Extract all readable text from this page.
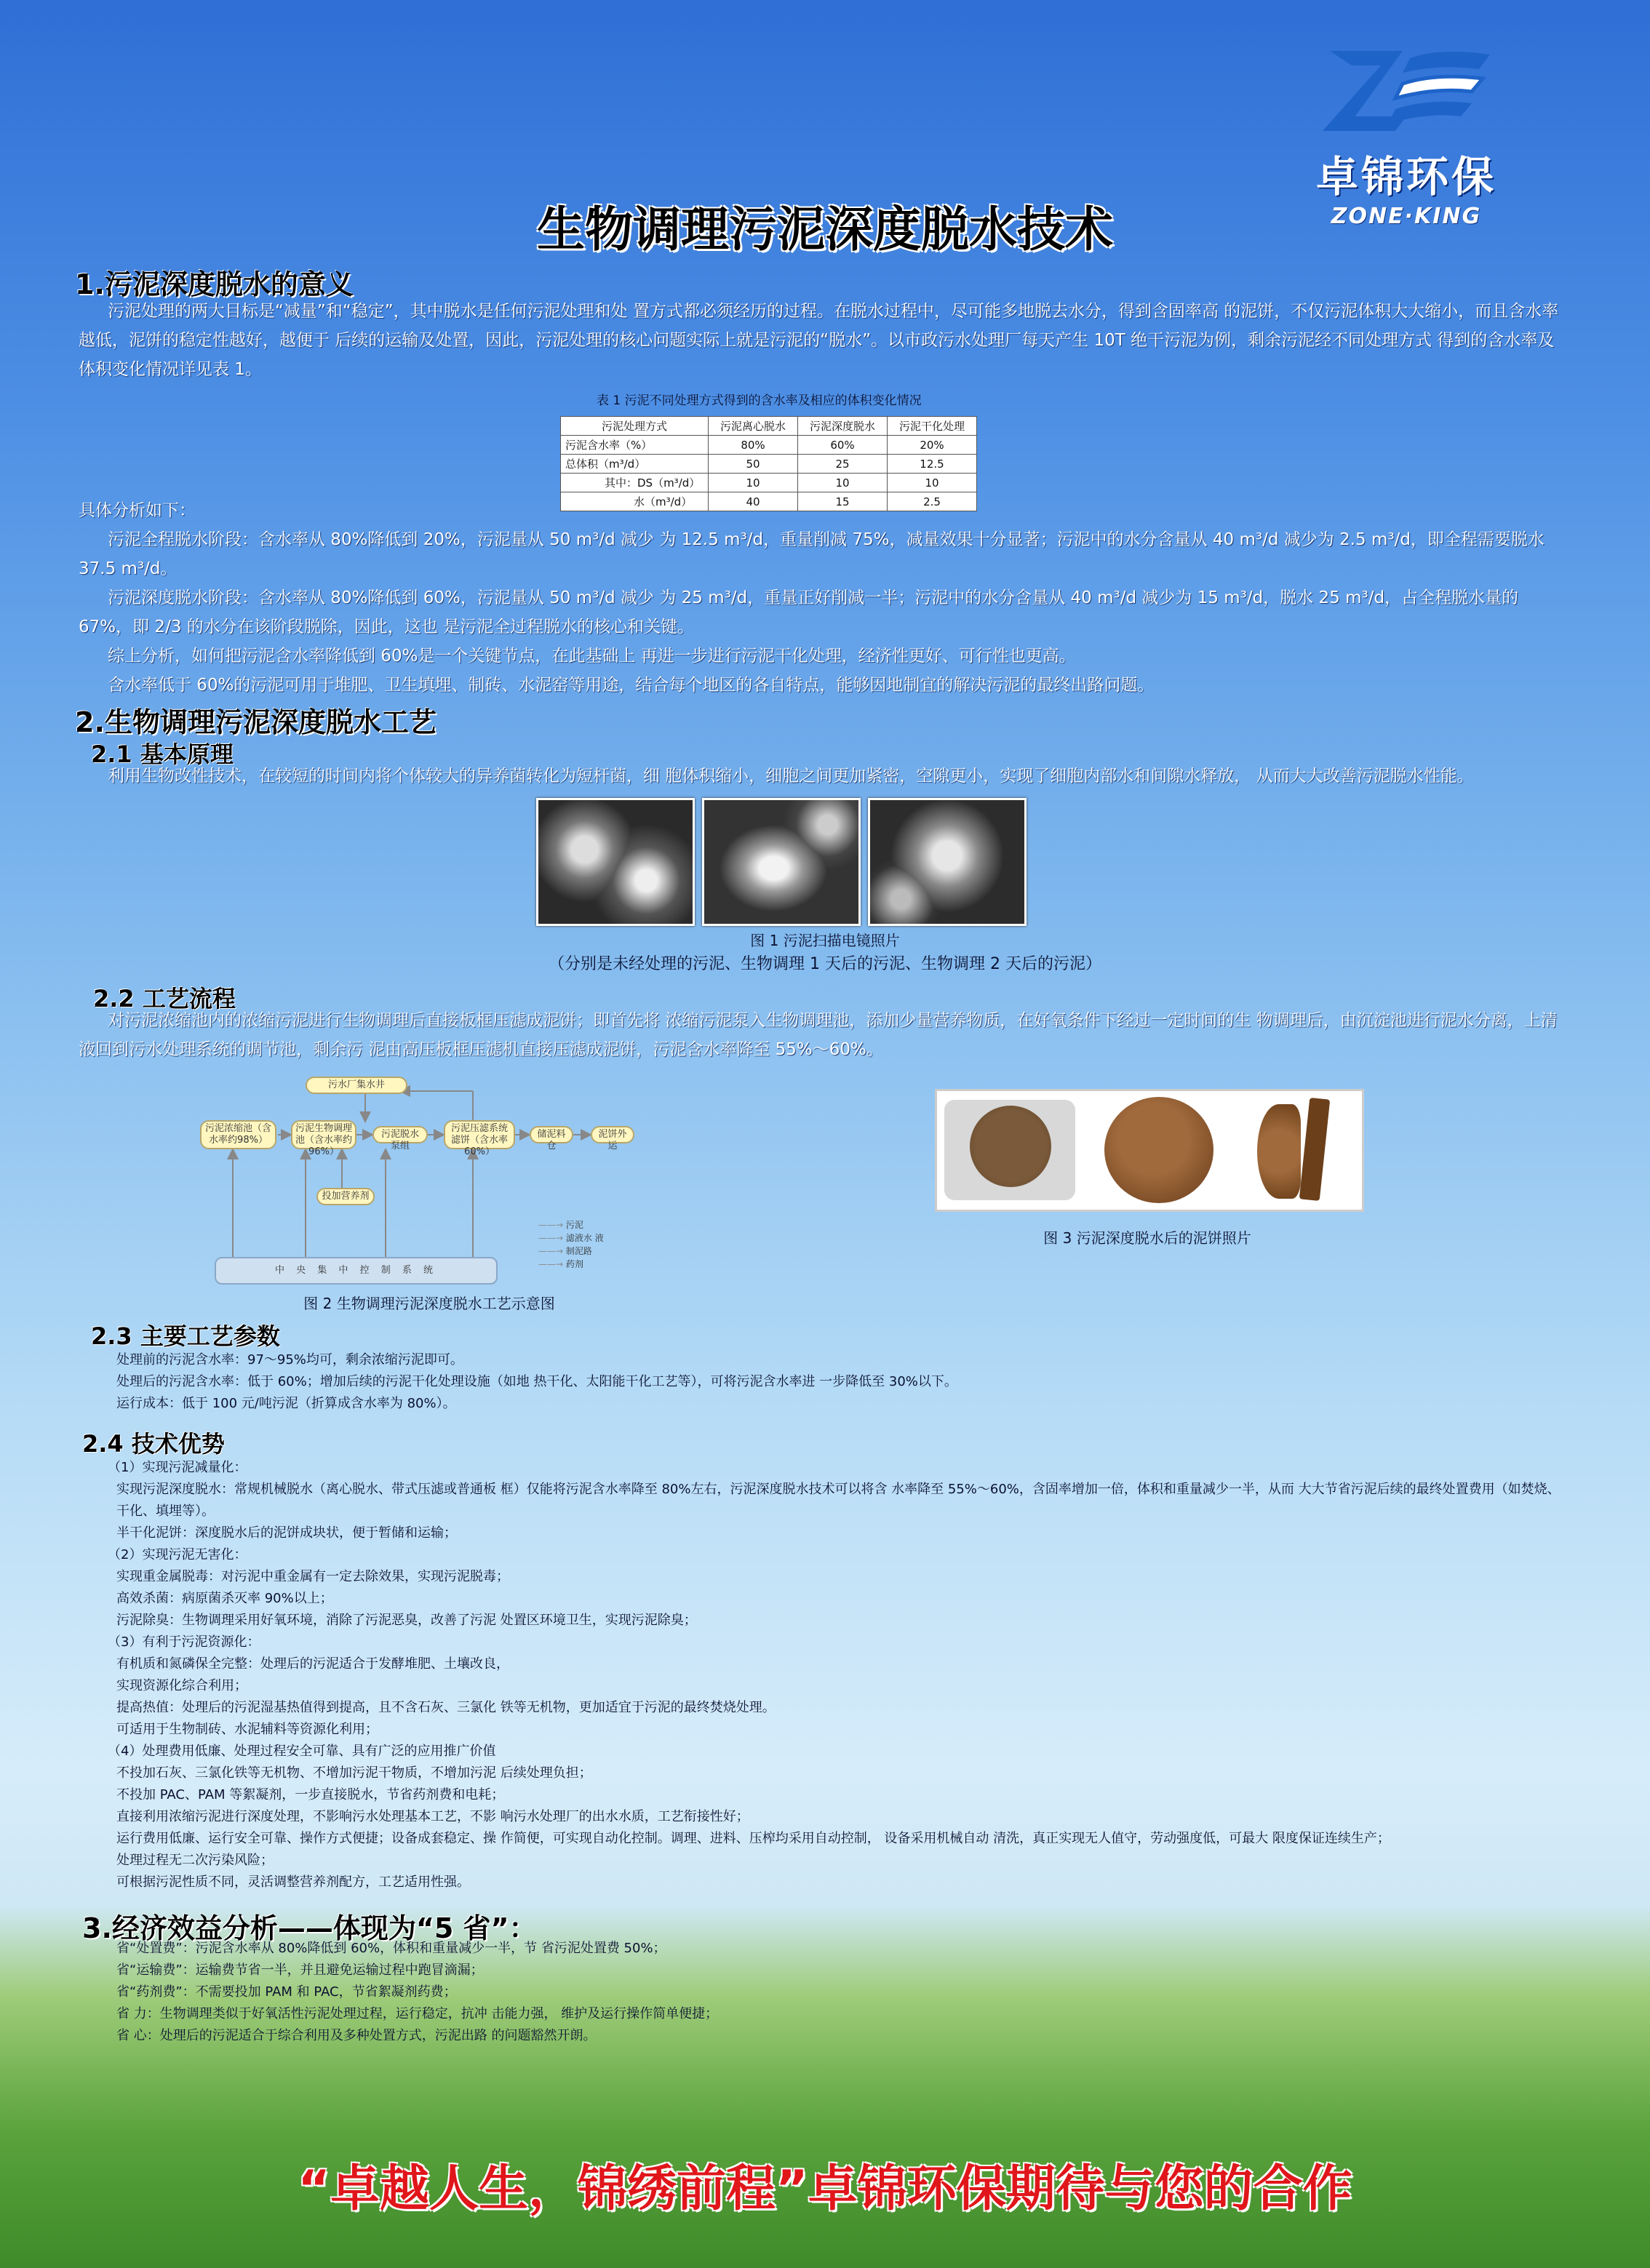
卓锦环保
ZONE·KING
生物调理污泥深度脱水技术
1.污泥深度脱水的意义
污泥处理的两大目标是“减量”和“稳定”，其中脱水是任何污泥处理和处 置方式都必须经历的过程。在脱水过程中，尽可能多地脱去水分，得到含固率高 的泥饼，不仅污泥体积大大缩小，而且含水率越低，泥饼的稳定性越好，越便于 后续的运输及处置，因此，污泥处理的核心问题实际上就是污泥的“脱水”。以市政污水处理厂每天产生 10T 绝干污泥为例，剩余污泥经不同处理方式 得到的含水率及体积变化情况详见表 1。
表 1 污泥不同处理方式得到的含水率及相应的体积变化情况
污泥处理方式	污泥离心脱水	污泥深度脱水	污泥干化处理
污泥含水率（%）	80%	60%	20%
总体积（m³/d）	50	25	12.5
其中：DS（m³/d）	10	10	10
水（m³/d）	40	15	2.5
具体分析如下：
污泥全程脱水阶段：含水率从 80%降低到 20%，污泥量从 50 m³/d 减少 为 12.5 m³/d，重量削减 75%，减量效果十分显著；污泥中的水分含量从 40 m³/d 减少为 2.5 m³/d，即全程需要脱水 37.5 m³/d。
污泥深度脱水阶段：含水率从 80%降低到 60%，污泥量从 50 m³/d 减少 为 25 m³/d，重量正好削减一半；污泥中的水分含量从 40 m³/d 减少为 15 m³/d，脱水 25 m³/d，占全程脱水量的 67%，即 2/3 的水分在该阶段脱除，因此，这也 是污泥全过程脱水的核心和关键。
综上分析，如何把污泥含水率降低到 60%是一个关键节点，在此基础上 再进一步进行污泥干化处理，经济性更好、可行性也更高。
含水率低于 60%的污泥可用于堆肥、卫生填埋、制砖、水泥窑等用途，结合每个地区的各自特点，能够因地制宜的解决污泥的最终出路问题。
2.生物调理污泥深度脱水工艺
2.1 基本原理
利用生物改性技术，在较短的时间内将个体较大的异养菌转化为短杆菌，细 胞体积缩小，细胞之间更加紧密，空隙更小，实现了细胞内部水和间隙水释放， 从而大大改善污泥脱水性能。
图 1 污泥扫描电镜照片
（分别是未经处理的污泥、生物调理 1 天后的污泥、生物调理 2 天后的污泥）
2.2 工艺流程
对污泥浓缩池内的浓缩污泥进行生物调理后直接板框压滤成泥饼；即首先将 浓缩污泥泵入生物调理池，添加少量营养物质，在好氧条件下经过一定时间的生 物调理后，由沉淀池进行泥水分离，上清液回到污水处理系统的调节池，剩余污 泥由高压板框压滤机直接压滤成泥饼，污泥含水率降至 55%～60%。
污水厂集水井
污泥浓缩池（含水率约98%）
污泥生物调理池（含水率约96%）
污泥脱水泵组
污泥压滤系统滤饼（含水率60%）
储泥料仓
泥饼外运
投加营养剂
中 央 集 中 控 制 系 统
——→ 污泥
——→ 滤液水 液
——→ 制泥路
——→ 药剂
图 2 生物调理污泥深度脱水工艺示意图
图 3 污泥深度脱水后的泥饼照片
2.3 主要工艺参数
处理前的污泥含水率：97～95%均可，剩余浓缩污泥即可。
处理后的污泥含水率：低于 60%；增加后续的污泥干化处理设施（如地 热干化、太阳能干化工艺等），可将污泥含水率进 一步降低至 30%以下。
运行成本：低于 100 元/吨污泥（折算成含水率为 80%）。
2.4 技术优势
（1）实现污泥减量化：
实现污泥深度脱水：常规机械脱水（离心脱水、带式压滤或普通板 框）仅能将污泥含水率降至 80%左右，污泥深度脱水技术可以将含 水率降至 55%～60%，含固率增加一倍，体积和重量减少一半，从而 大大节省污泥后续的最终处置费用（如焚烧、干化、填埋等）。
半干化泥饼：深度脱水后的泥饼成块状，便于暂储和运输；
（2）实现污泥无害化：
实现重金属脱毒：对污泥中重金属有一定去除效果，实现污泥脱毒；
高效杀菌：病原菌杀灭率 90%以上；
污泥除臭：生物调理采用好氧环境，消除了污泥恶臭，改善了污泥 处置区环境卫生，实现污泥除臭；
（3）有利于污泥资源化：
有机质和氮磷保全完整：处理后的污泥适合于发酵堆肥、土壤改良，
实现资源化综合利用；
提高热值：处理后的污泥湿基热值得到提高，且不含石灰、三氯化 铁等无机物，更加适宜于污泥的最终焚烧处理。
可适用于生物制砖、水泥辅料等资源化利用；
（4）处理费用低廉、处理过程安全可靠、具有广泛的应用推广价值
不投加石灰、三氯化铁等无机物、不增加污泥干物质，不增加污泥 后续处理负担；
不投加 PAC、PAM 等絮凝剂，一步直接脱水，节省药剂费和电耗；
直接利用浓缩污泥进行深度处理，不影响污水处理基本工艺，不影 响污水处理厂的出水水质，工艺衔接性好；
运行费用低廉、运行安全可靠、操作方式便捷；设备成套稳定、操 作简便，可实现自动化控制。调理、进料、压榨均采用自动控制， 设备采用机械自动 清洗，真正实现无人值守，劳动强度低，可最大 限度保证连续生产；
处理过程无二次污染风险；
可根据污泥性质不同，灵活调整营养剂配方，工艺适用性强。
3.经济效益分析——体现为“5 省”：
省“处置费”：污泥含水率从 80%降低到 60%，体积和重量减少一半，节 省污泥处置费 50%；
省“运输费”：运输费节省一半，并且避免运输过程中跑冒滴漏；
省“药剂费”：不需要投加 PAM 和 PAC，节省絮凝剂药费；
省 力：生物调理类似于好氧活性污泥处理过程，运行稳定，抗冲 击能力强， 维护及运行操作简单便捷；
省 心：处理后的污泥适合于综合利用及多种处置方式，污泥出路 的问题豁然开朗。
“卓越人生，锦绣前程”卓锦环保期待与您的合作
